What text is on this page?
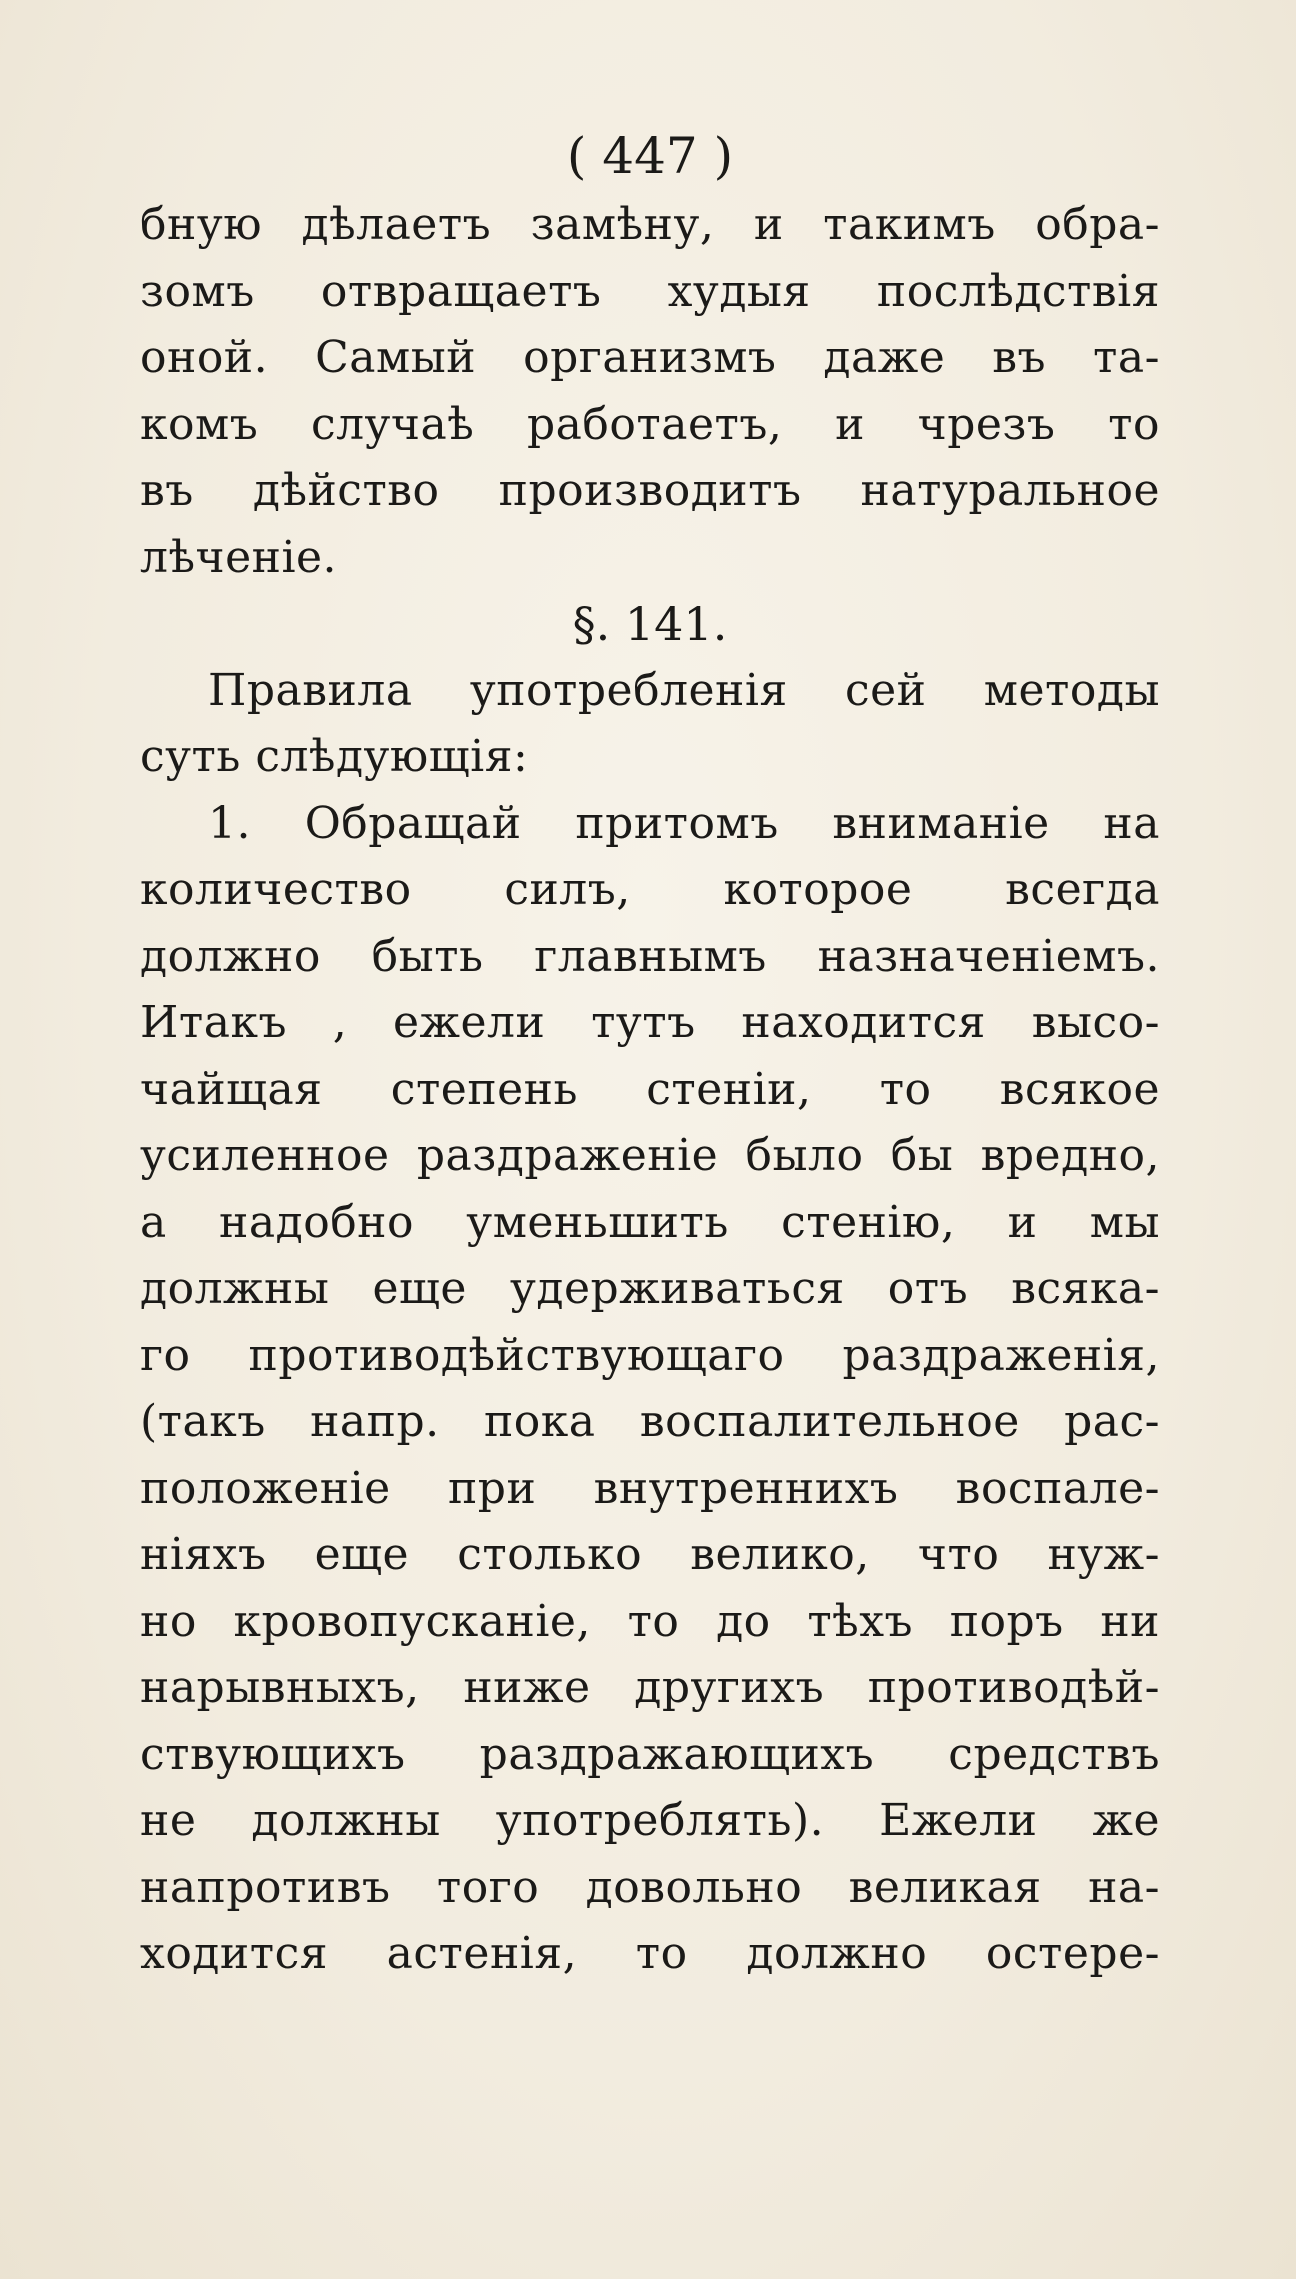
( 447 )
бную дѣлаетъ замѣну, и такимъ обра-
зомъ отвращаетъ худыя послѣдствія
оной. Самый организмъ даже въ та-
комъ случаѣ работаетъ, и чрезъ то
въ дѣйство производитъ натуральное
лѣченіе.
§. 141.
Правила употребленія сей методы
суть слѣдующія:
1. Обращай притомъ вниманіе на
количество силъ, которое всегда
должно быть главнымъ назначеніемъ.
Итакъ , ежели тутъ находится высо-
чайщая степень стеніи, то всякое
усиленное раздраженіе было бы вредно,
а надобно уменьшить стенію, и мы
должны еще удерживаться отъ всяка-
го противодѣйствующаго раздраженія,
(такъ напр. пока воспалительное рас-
положеніе при внутреннихъ воспале-
ніяхъ еще столько велико, что нуж-
но кровопусканіе, то до тѣхъ поръ ни
нарывныхъ, ниже другихъ противодѣй-
ствующихъ раздражающихъ средствъ
не должны употреблять). Ежели же
напротивъ того довольно великая на-
ходится астенія, то должно остере-
